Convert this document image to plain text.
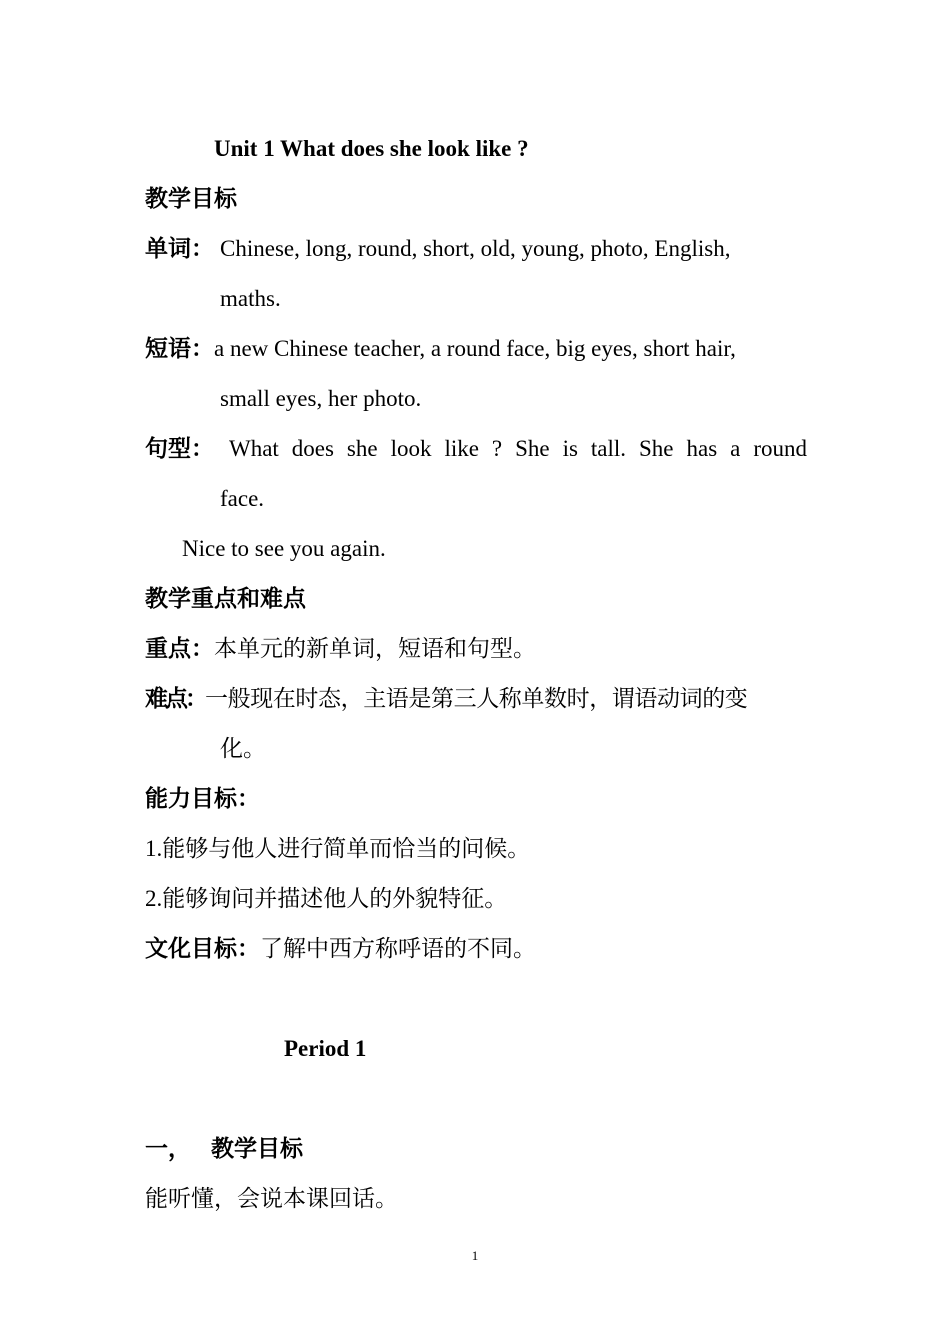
Unit 1 What does she look like ?
教学目标
单词： Chinese, long, round, short, old, young, photo, English,
maths.
短语：a new Chinese teacher, a round face, big eyes, short hair,
small eyes, her photo.
句型： What does she look like ? She is tall. She has a round
face.
Nice to see you again.
教学重点和难点
重点：本单元的新单词，短语和句型。
难点：一般现在时态，主语是第三人称单数时，谓语动词的变
化。
能力目标：
1.能够与他人进行简单而恰当的问候。
2.能够询问并描述他人的外貌特征。
文化目标：了解中西方称呼语的不同。
Period 1
一， 教学目标
能听懂，会说本课回话。
1
